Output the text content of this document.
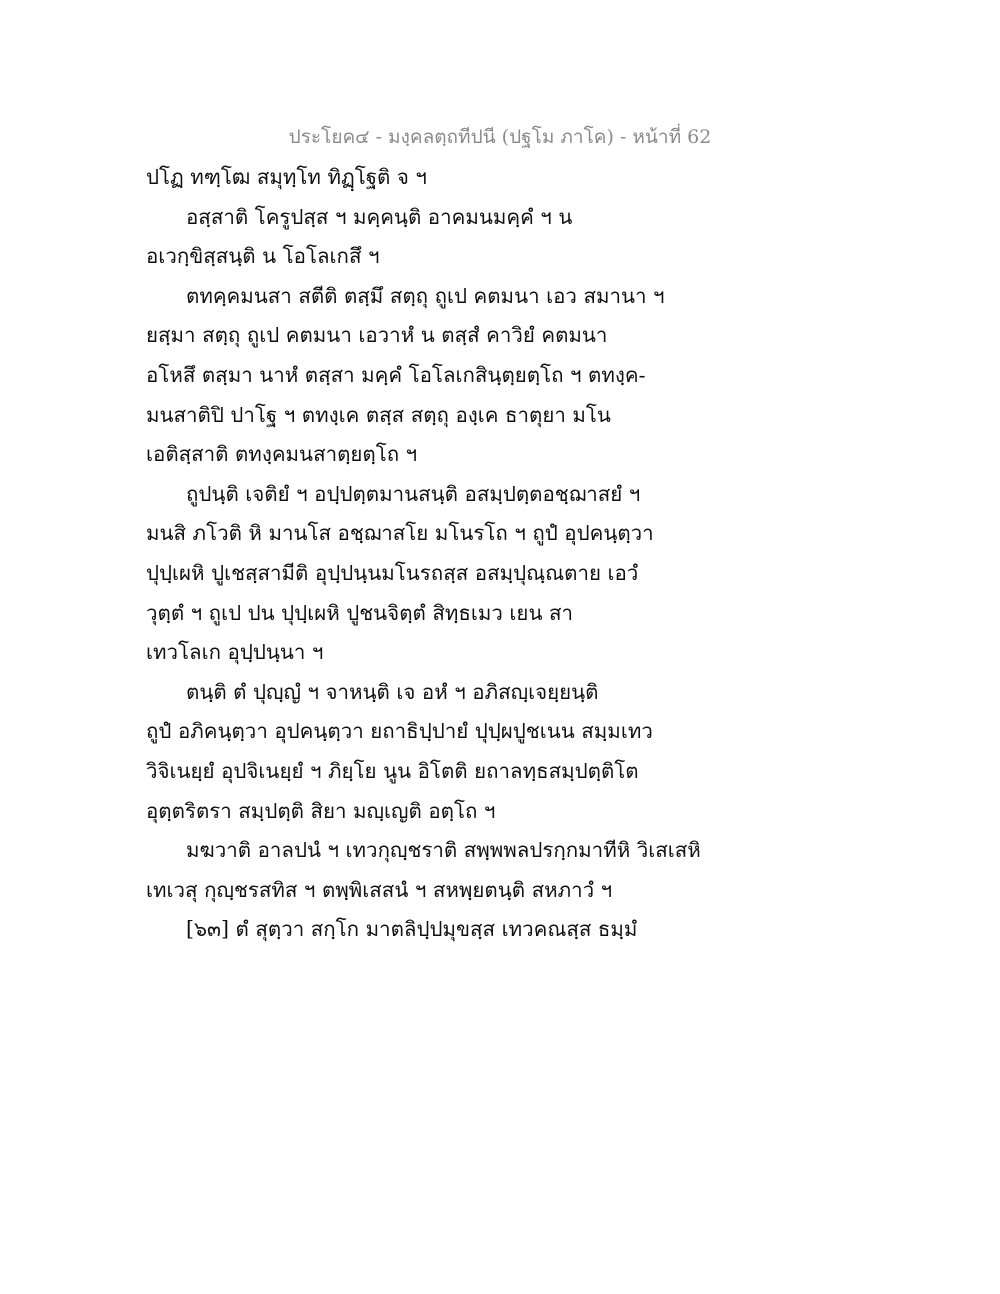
ประโยค๔ - มงฺคลตฺถทีปนี (ปฐโม ภาโค) - หน้าที่ 62
ปโฏ ทฑฺโฒ สมุทฺโท ทิฏฺโฐติ จ ฯ
อสฺสาติ โครูปสฺส ฯ มคฺคนฺติ อาคมนมคฺคํ ฯ น
อเวกฺขิสฺสนฺติ น โอโลเกสึ ฯ
ตทคฺคมนสา สตีติ ตสฺมึ สตฺถุ ถูเป คตมนา เอว สมานา ฯ
ยสฺมา สตฺถุ ถูเป คตมนา เอวาหํ น ตสฺสํ คาวิยํ คตมนา
อโหสึ ตสฺมา นาหํ ตสฺสา มคฺคํ โอโลเกสินฺตฺยตฺโถ ฯ ตทงฺค-
มนสาติปิ ปาโฐ ฯ ตทงฺเค ตสฺส สตฺถุ องฺเค ธาตุยา มโน
เอติสฺสาติ ตทงฺคมนสาตฺยตฺโถ ฯ
ถูปนฺติ เจติยํ ฯ อปฺปตฺตมานสนฺติ อสมฺปตฺตอชฺฌาสยํ ฯ
มนสิ ภโวติ หิ มานโส อชฺฌาสโย มโนรโถ ฯ ถูปํ อุปคนฺตฺวา
ปุปฺเผหิ ปูเชสฺสามีติ อุปฺปนฺนมโนรถสฺส อสมฺปุณฺณตาย เอวํ
วุตฺตํ ฯ ถูเป ปน ปุปฺเผหิ ปูชนจิตฺตํ สิทฺธเมว เยน สา
เทวโลเก อุปฺปนฺนา ฯ
ตนฺติ ตํ ปุญฺญํ ฯ จาหนฺติ เจ อหํ ฯ อภิสญฺเจยฺยนฺติ
ถูปํ อภิคนฺตฺวา อุปคนฺตฺวา ยถาธิปฺปายํ ปุปฺผปูชเนน สมฺมเทว
วิจิเนยฺยํ อุปจิเนยฺยํ ฯ ภิยฺโย นูน อิโตติ ยถาลทฺธสมฺปตฺติโต
อุตฺตริตรา สมฺปตฺติ สิยา มญฺเญติ อตฺโถ ฯ
มฆวาติ อาลปนํ ฯ เทวกุญฺชราติ สพฺพพลปรกฺกมาทีหิ วิเสเสหิ
เทเวสุ กุญฺชรสทิส ฯ ตพฺพิเสสนํ ฯ สหพฺยตนฺติ สหภาวํ ฯ
[๖๓] ตํ สุตฺวา สกฺโก มาตลิปฺปมุขสฺส เทวคณสฺส ธมฺมํ
